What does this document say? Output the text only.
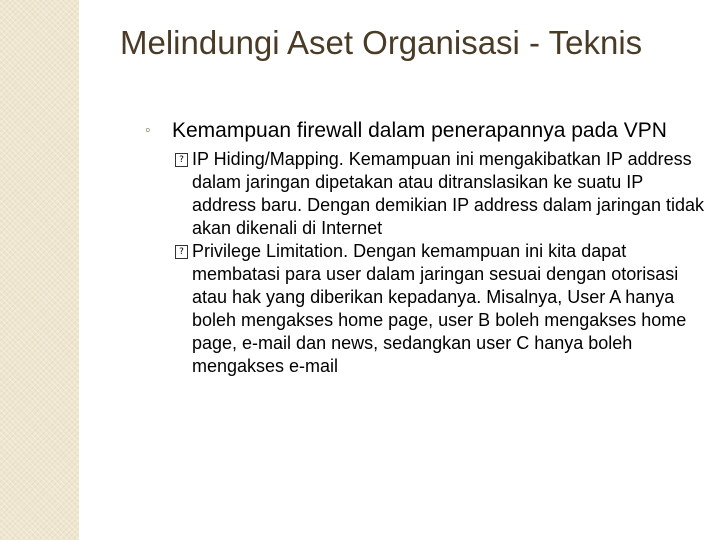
Melindungi Aset Organisasi - Teknis
◦ Kemampuan firewall dalam penerapannya pada VPN
? IP Hiding/Mapping. Kemampuan ini mengakibatkan IP address dalam jaringan dipetakan atau ditranslasikan ke suatu IP address baru. Dengan demikian IP address dalam jaringan tidak akan dikenali di Internet
? Privilege Limitation. Dengan kemampuan ini kita dapat membatasi para user dalam jaringan sesuai dengan otorisasi atau hak yang diberikan kepadanya. Misalnya, User A hanya boleh mengakses home page, user B boleh mengakses home page, e-mail dan news, sedangkan user C hanya boleh mengakses e-mail
